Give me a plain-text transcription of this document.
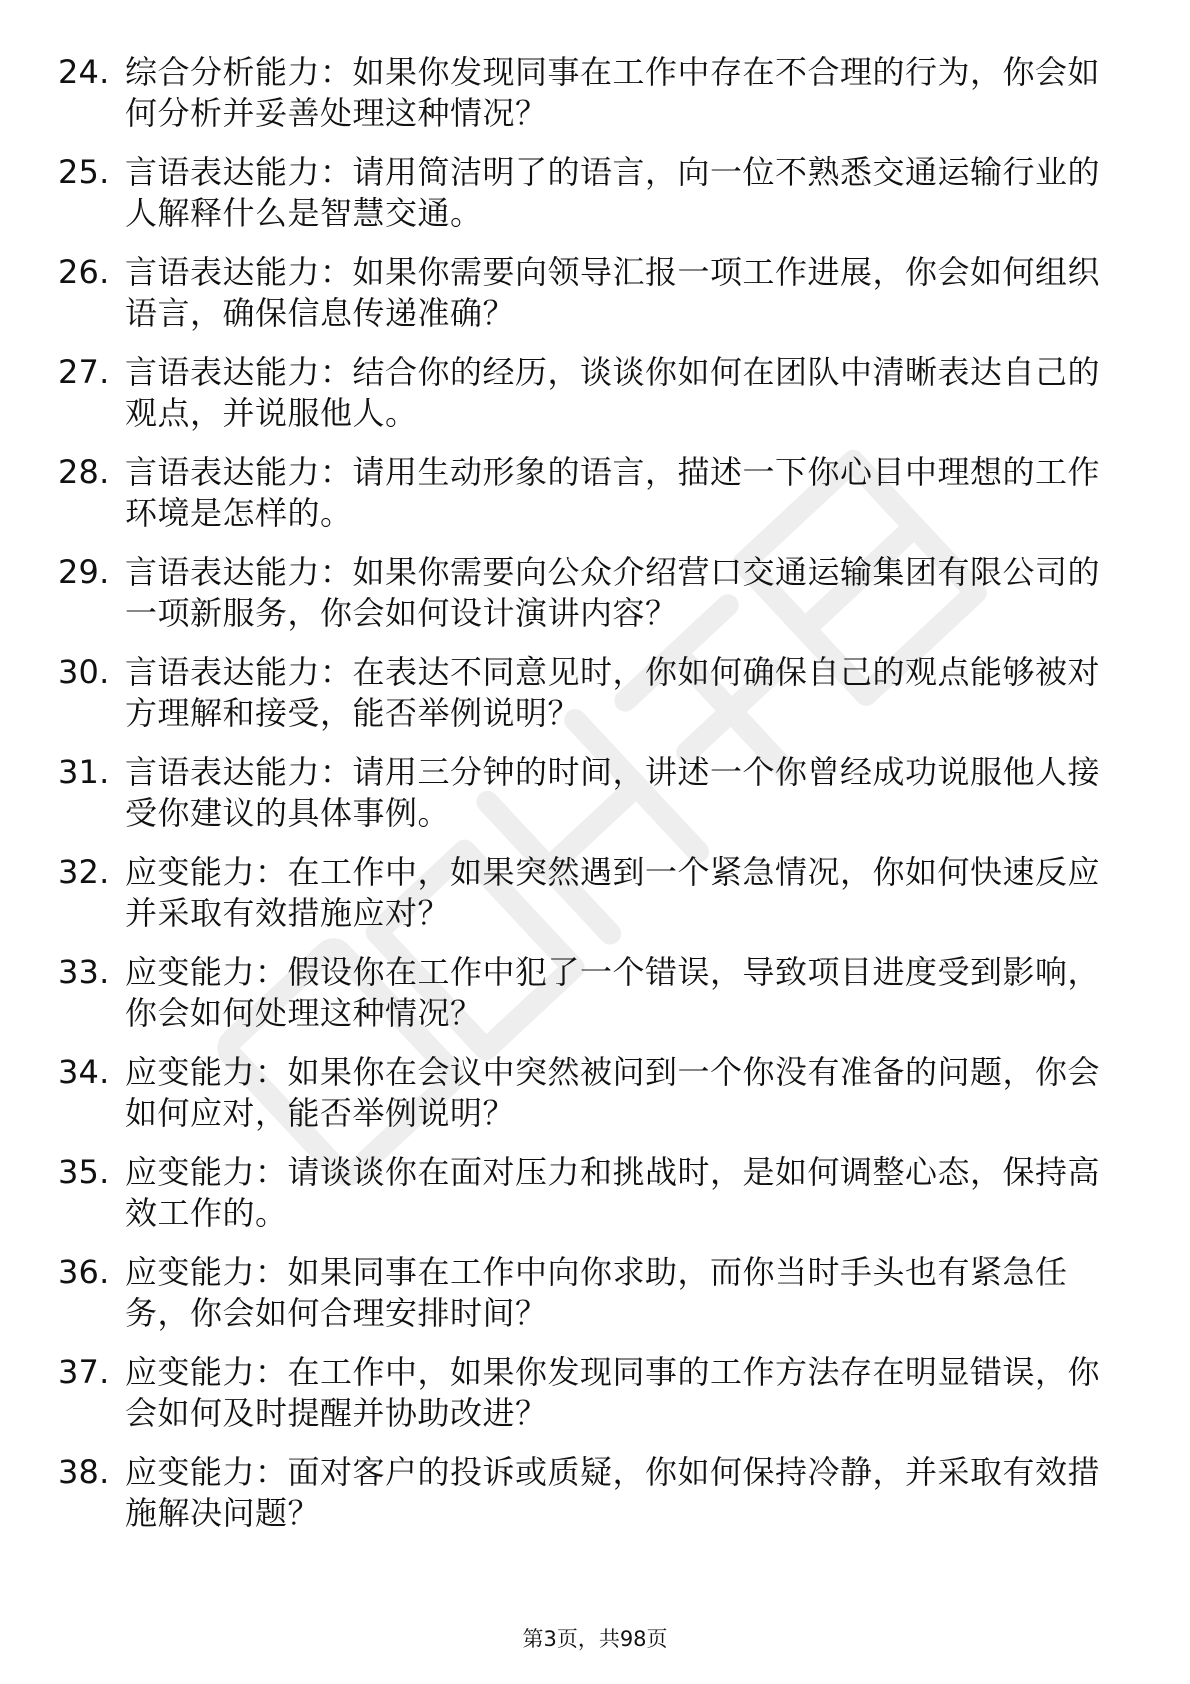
24. 综合分析能力：如果你发现同事在工作中存在不合理的行为，你会如何分析并妥善处理这种情况？
25. 言语表达能力：请用简洁明了的语言，向一位不熟悉交通运输行业的人解释什么是智慧交通。
26. 言语表达能力：如果你需要向领导汇报一项工作进展，你会如何组织语言，确保信息传递准确？
27. 言语表达能力：结合你的经历，谈谈你如何在团队中清晰表达自己的观点，并说服他人。
28. 言语表达能力：请用生动形象的语言，描述一下你心目中理想的工作环境是怎样的。
29. 言语表达能力：如果你需要向公众介绍营口交通运输集团有限公司的一项新服务，你会如何设计演讲内容？
30. 言语表达能力：在表达不同意见时，你如何确保自己的观点能够被对方理解和接受，能否举例说明？
31. 言语表达能力：请用三分钟的时间，讲述一个你曾经成功说服他人接受你建议的具体事例。
32. 应变能力：在工作中，如果突然遇到一个紧急情况，你如何快速反应并采取有效措施应对？
33. 应变能力：假设你在工作中犯了一个错误，导致项目进度受到影响，你会如何处理这种情况？
34. 应变能力：如果你在会议中突然被问到一个你没有准备的问题，你会如何应对，能否举例说明？
35. 应变能力：请谈谈你在面对压力和挑战时，是如何调整心态，保持高效工作的。
36. 应变能力：如果同事在工作中向你求助，而你当时手头也有紧急任务，你会如何合理安排时间？
37. 应变能力：在工作中，如果你发现同事的工作方法存在明显错误，你会如何及时提醒并协助改进？
38. 应变能力：面对客户的投诉或质疑，你如何保持冷静，并采取有效措施解决问题？
第3页，共98页
